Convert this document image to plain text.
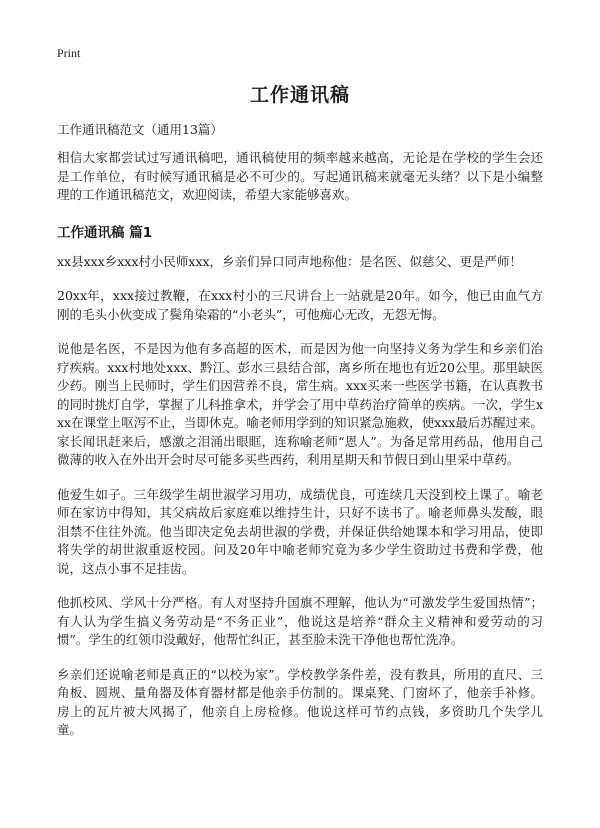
Print
工作通讯稿
工作通讯稿范文（通用13篇）

相信大家都尝试过写通讯稿吧，通讯稿使用的频率越来越高，无论是在学校的学生会还是工作单位，有时候写通讯稿是必不可少的。写起通讯稿来就毫无头绪？以下是小编整理的工作通讯稿范文，欢迎阅读，希望大家能够喜欢。

工作通讯稿 篇1

xx县xxx乡xxx村小民师xxx，乡亲们异口同声地称他：是名医、似慈父、更是严师！

20xx年，xxx接过教鞭，在xxx村小的三尺讲台上一站就是20年。如今，他已由血气方刚的毛头小伙变成了鬓角染霜的“小老头”，可他痴心无改，无怨无悔。

说他是名医，不是因为他有多高超的医术，而是因为他一向坚持义务为学生和乡亲们治疗疾病。xxx村地处xxx、黔江、彭水三县结合部，离乡所在地也有近20公里。那里缺医少药。刚当上民师时，学生们因营养不良，常生病。xxx买来一些医学书籍，在认真教书的同时挑灯自学，掌握了儿科推拿术，并学会了用中草药治疗简单的疾病。一次，学生xxx在课堂上呕泻不止，当即休克。喻老师用学到的知识紧急施救，使xxx最后苏醒过来。家长闻讯赶来后，感激之泪涌出眼眶，连称喻老师“恩人”。为备足常用药品，他用自己微薄的收入在外出开会时尽可能多买些西药，利用星期天和节假日到山里采中草药。

他爱生如子。三年级学生胡世淑学习用功，成绩优良，可连续几天没到校上课了。喻老师在家访中得知，其父病故后家庭难以维持生计，只好不读书了。喻老师鼻头发酸，眼泪禁不住往外流。他当即决定免去胡世淑的学费，并保证供给她课本和学习用品，使即将失学的胡世淑重返校园。问及20年中喻老师究竟为多少学生资助过书费和学费，他说，这点小事不足挂齿。

他抓校风、学风十分严格。有人对坚持升国旗不理解，他认为“可激发学生爱国热情”；有人认为学生搞义务劳动是“不务正业”，他说这是培养“群众主义精神和爱劳动的习惯”。学生的红领巾没戴好，他帮忙纠正，甚至脸未洗干净他也帮忙洗净。

乡亲们还说喻老师是真正的“以校为家”。学校教学条件差，没有教具，所用的直尺、三角板、圆规、量角器及体育器材都是他亲手仿制的。课桌凳、门窗坏了，他亲手补修。房上的瓦片被大风揭了，他亲自上房检修。他说这样可节约点钱，多资助几个失学儿童。
